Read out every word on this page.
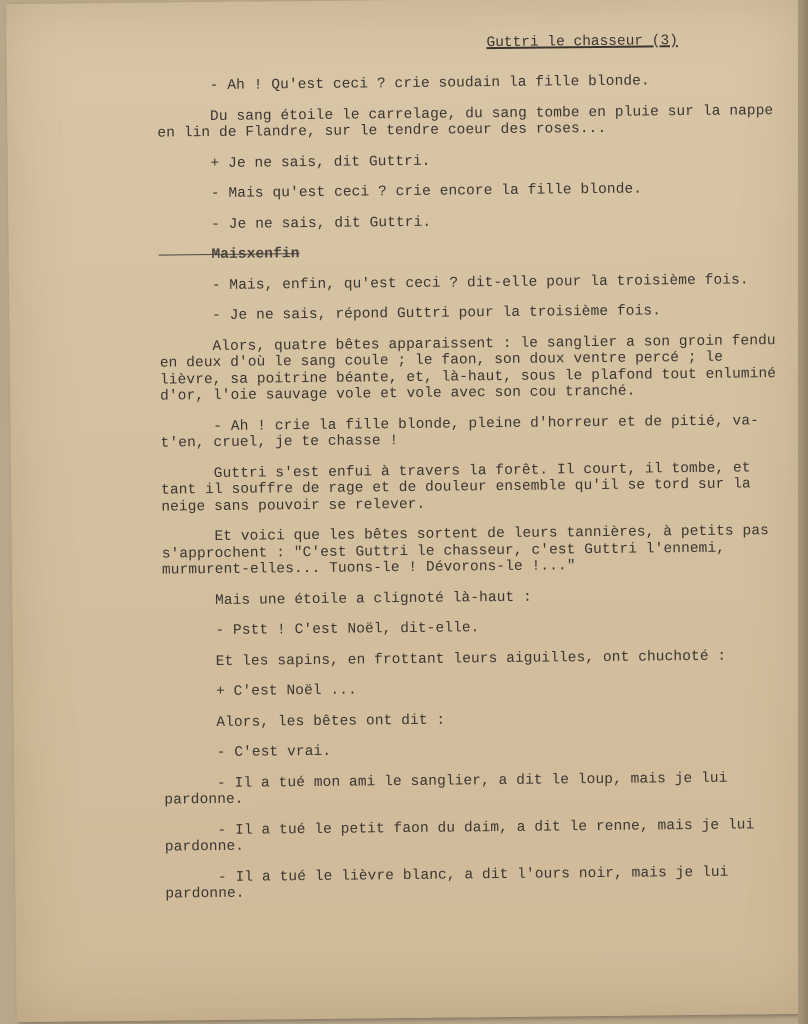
Guttri le chasseur (3)

- Ah ! Qu'est ceci ? crie soudain la fille blonde.

Du sang étoile le carrelage, du sang tombe en pluie sur la nappe en lin de Flandre, sur le tendre coeur des roses...

+ Je ne sais, dit Guttri.

- Mais qu'est ceci ? crie encore la fille blonde.

- Je ne sais, dit Guttri.

Maisxenfin

- Mais, enfin, qu'est ceci ? dit-elle pour la troisième fois.

- Je ne sais, répond Guttri pour la troisième fois.

Alors, quatre bêtes apparaissent : le sanglier a son groin fendu en deux d'où le sang coule ; le faon, son doux ventre percé ; le lièvre, sa poitrine béante, et, là-haut, sous le plafond tout enluminé d'or, l'oie sauvage vole et vole avec son cou tranché.

- Ah ! crie la fille blonde, pleine d'horreur et de pitié, va-t'en, cruel, je te chasse !

Guttri s'est enfui à travers la forêt. Il court, il tombe, et tant il souffre de rage et de douleur ensemble qu'il se tord sur la neige sans pouvoir se relever.

Et voici que les bêtes sortent de leurs tannières, à petits pas s'approchent : "C'est Guttri le chasseur, c'est Guttri l'ennemi, murmurent-elles... Tuons-le ! Dévorons-le !..."

Mais une étoile a clignoté là-haut :

- Pstt ! C'est Noël, dit-elle.

Et les sapins, en frottant leurs aiguilles, ont chuchoté :

+ C'est Noël ...

Alors, les bêtes ont dit :

- C'est vrai.

- Il a tué mon ami le sanglier, a dit le loup, mais je lui pardonne.

- Il a tué le petit faon du daim, a dit le renne, mais je lui pardonne.

- Il a tué le lièvre blanc, a dit l'ours noir, mais je lui pardonne.
